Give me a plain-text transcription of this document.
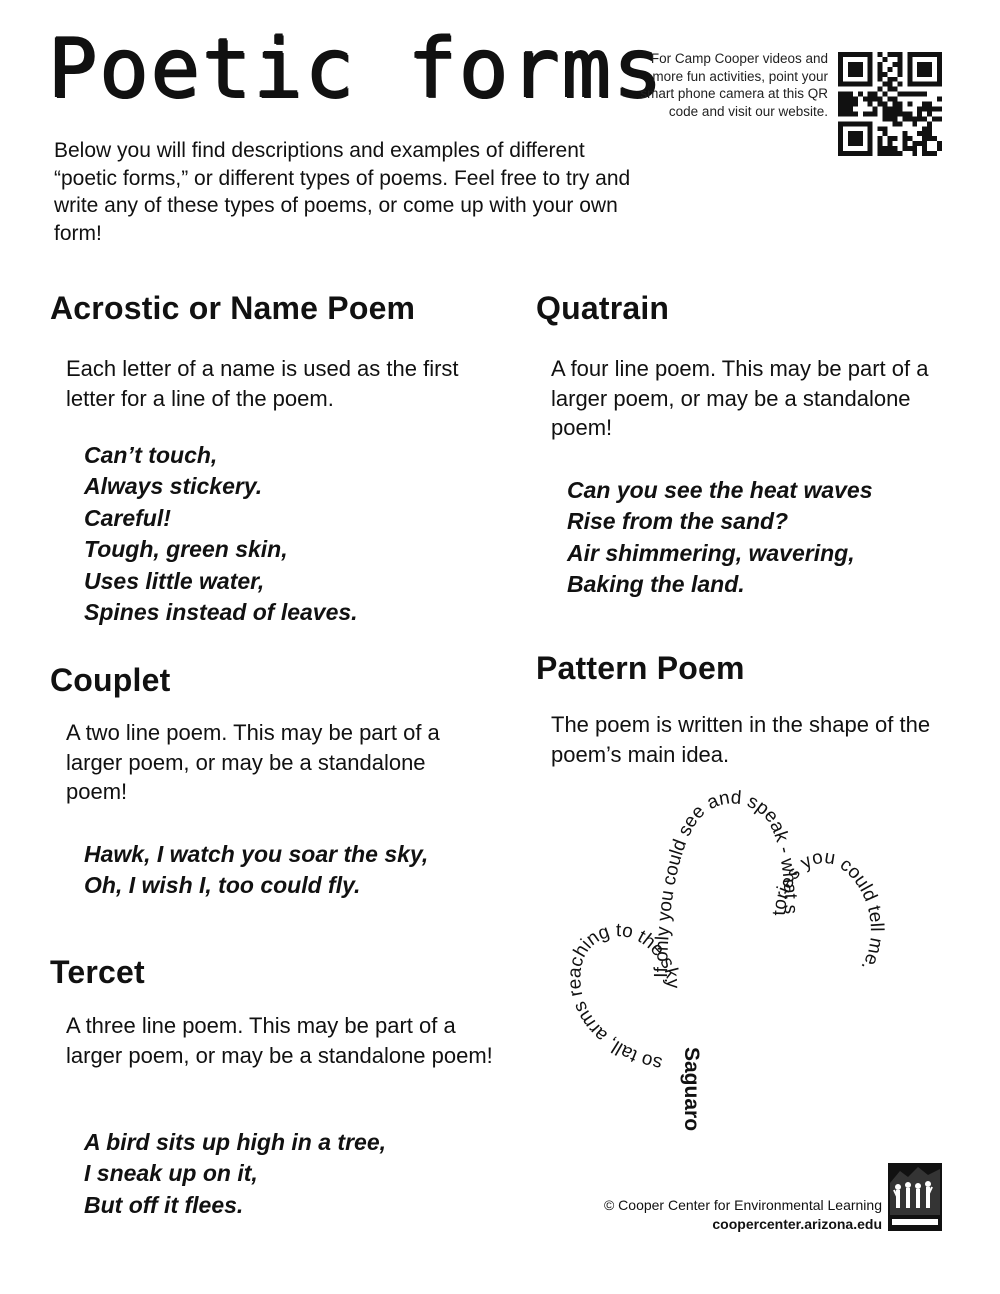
Poetic forms

Below you will find descriptions and examples of different “poetic forms,” or different types of poems. Feel free to try and write any of these types of poems, or come up with your own form!

For Camp Cooper videos and more fun activities, point your smart phone camera at this QR code and visit our website.

Acrostic or Name Poem

Each letter of a name is used as the first letter for a line of the poem.

Can’t touch,
Always stickery.
Careful!
Tough, green skin,
Uses little water,
Spines instead of leaves.
Couplet

A two line poem. This may be part of a larger poem, or may be a standalone poem!

Hawk, I watch you soar the sky,
Oh, I wish I, too could fly.
Tercet

A three line poem. This may be part of a larger poem, or may be a standalone poem!

A bird sits up high in a tree,
I sneak up on it,
But off it flees.
Quatrain

A four line poem. This may be part of a larger poem, or may be a standalone poem!

Can you see the heat waves
Rise from the sand?
Air shimmering, wavering,
Baking the land.
Pattern Poem

The poem is written in the shape of the poem’s main idea.

so tall, arms reaching to the sky.If only you could see and speak - what stories you could tell me.
Saguaro
© Cooper Center for Environmental Learning
coopercenter.arizona.edu
